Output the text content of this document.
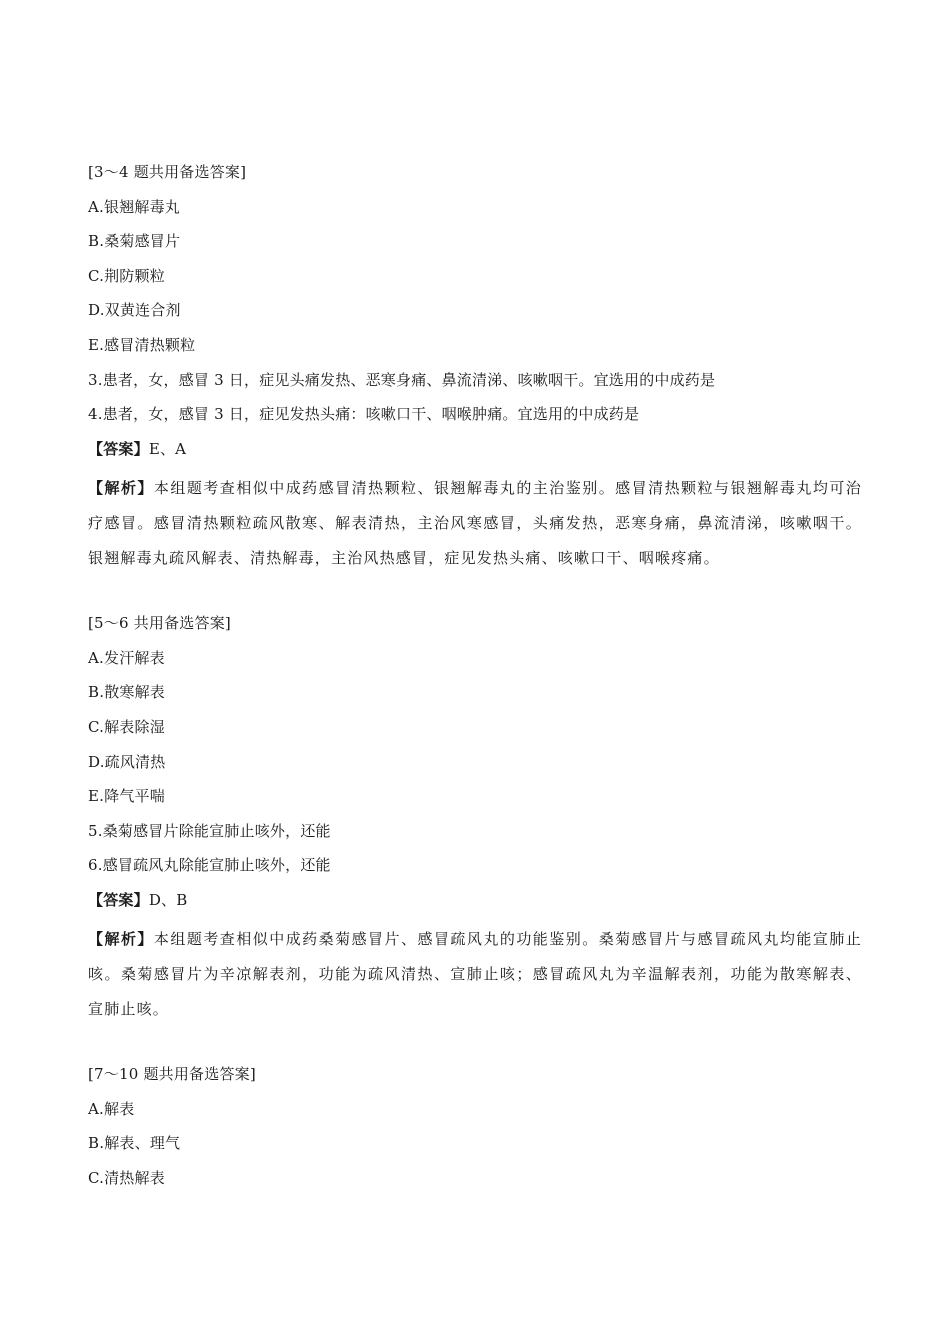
[3～4 题共用备选答案]
A.银翘解毒丸
B.桑菊感冒片
C.荆防颗粒
D.双黄连合剂
E.感冒清热颗粒
3.患者，女，感冒 3 日，症见头痛发热、恶寒身痛、鼻流清涕、咳嗽咽干。宜选用的中成药是
4.患者，女，感冒 3 日，症见发热头痛：咳嗽口干、咽喉肿痛。宜选用的中成药是
【答案】E、A
【解析】本组题考查相似中成药感冒清热颗粒、银翘解毒丸的主治鉴别。感冒清热颗粒与银翘解毒丸均可治疗感冒。感冒清热颗粒疏风散寒、解表清热，主治风寒感冒，头痛发热，恶寒身痛，鼻流清涕，咳嗽咽干。银翘解毒丸疏风解表、清热解毒，主治风热感冒，症见发热头痛、咳嗽口干、咽喉疼痛。
[5～6 共用备选答案]
A.发汗解表
B.散寒解表
C.解表除湿
D.疏风清热
E.降气平喘
5.桑菊感冒片除能宣肺止咳外，还能
6.感冒疏风丸除能宣肺止咳外，还能
【答案】D、B
【解析】本组题考查相似中成药桑菊感冒片、感冒疏风丸的功能鉴别。桑菊感冒片与感冒疏风丸均能宣肺止咳。桑菊感冒片为辛凉解表剂，功能为疏风清热、宣肺止咳；感冒疏风丸为辛温解表剂，功能为散寒解表、宣肺止咳。
[7～10 题共用备选答案]
A.解表
B.解表、理气
C.清热解表
